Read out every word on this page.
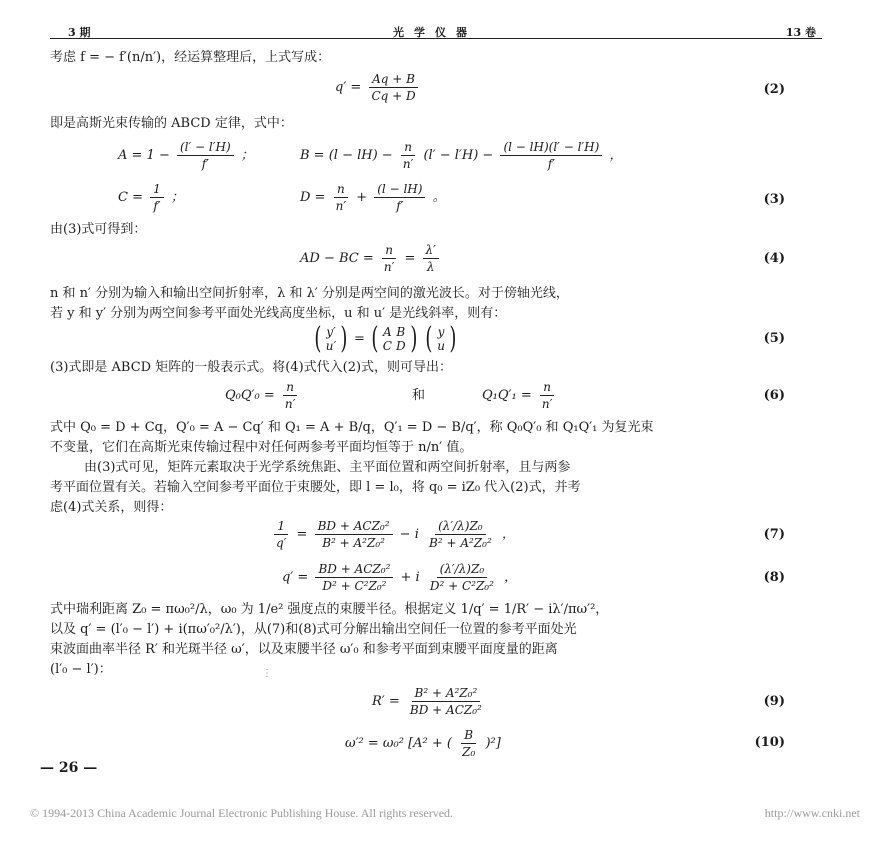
3 期	光学仪器	13 卷
考虑 f = − f′(n/n′)，经运算整理后，上式写成：
$q' = \frac{Aq + B}{Cq + D}$	(2)
即是高斯光束传输的 ABCD 定律，式中：
$A = 1 - \frac{(l' - l'H)}{f'}$ ；	$B = (l - lH) - \frac{n}{n'} (l' - l'H) - \frac{(l - lH)(l' - l'H)}{f'}$ ，
$C = \frac{1}{f'}$ ；	$D = \frac{n}{n'} + \frac{(l - lH)}{f'}$ 。	(3)
由(3)式可得到：
AD − BC = $\frac{n}{n'} = \frac{\lambda'}{\lambda}$	(4)
n 和 n′ 分别为输入和输出空间折射率，λ 和 λ′ 分别是两空间的激光波长。对于傍轴光线，
若 y 和 y′ 分别为两空间参考平面处光线高度坐标，u 和 u′ 是光线斜率，则有：
( y′
u′ ) = ( A
C
B
D )
( y
u )	(5)
(3)式即是 ABCD 矩阵的一般表示式。将(4)式代入(2)式，则可导出：
$Q_0Q'_0 = \frac{n}{n'}$	和	$Q_1Q'_1 = \frac{n}{n'}$	(6)
式中 Q₀ = D + Cq，Q′₀ = A − Cq′ 和 Q₁ = A + B/q，Q′₁ = D − B/q′，称 Q₀Q′₀ 和 Q₁Q′₁ 为复光束
不变量，它们在高斯光束传输过程中对任何两参考平面均恒等于 n/n′ 值。
由(3)式可见，矩阵元素取决于光学系统焦距、主平面位置和两空间折射率，且与两参
考平面位置有关。若输入空间参考平面位于束腰处，即 l = l₀，将 q₀ = iZ₀ 代入(2)式，并考
虑(4)式关系，则得：
$\frac{1}{q'} = \frac{\text{BD + ACZ₀²}}{\text{B² + A²Z₀²}} - i \frac{\text{(λ′/λ)Z₀}}{\text{B² + A²Z₀²}}$ ，	(7)
$q' = \frac{\text{BD + ACZ₀²}}{\text{D² + C²Z₀²}} + i \frac{\text{(λ′/λ)Z₀}}{\text{D² + C²Z₀²}}$ ，	(8)
式中瑞利距离 Z₀ = πω₀²/λ，ω₀ 为 1/e² 强度点的束腰半径。根据定义 1/q′ = 1/R′ − iλ′/πω′²，
以及 q′ = (l′₀ − l′) + i(πω′₀²/λ′)，从(7)和(8)式可分解出输出空间任一位置的参考平面处光
束波面曲率半径 R′ 和光斑半径 ω′，以及束腰半径 ω′₀ 和参考平面到束腰平面度量的距离
(l′₀ − l′)：	⋮
$R' = \frac{\text{B² + A²Z₀²}}{\text{BD + ACZ₀²}}$	(9)
ω′² = ω₀² [A² + ( $\frac{B}{\text{Z₀}} )^2$]	(10)
— 26 —
© 1994-2013 China Academic Journal Electronic Publishing House. All rights reserved.	http://www.cnki.net
